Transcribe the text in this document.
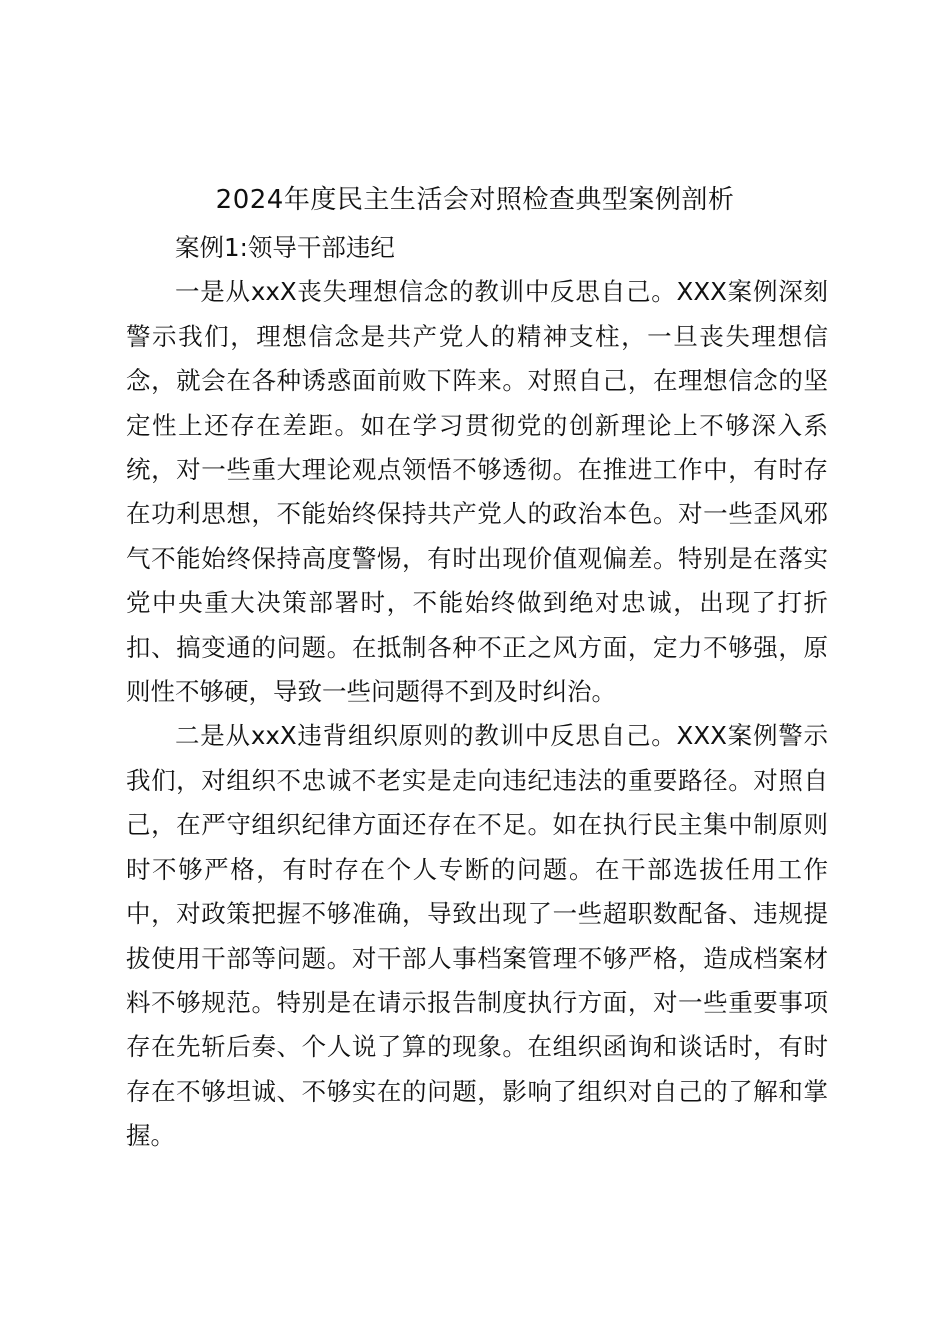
2024年度民主生活会对照检查典型案例剖析

案例1:领导干部违纪

一是从xxX丧失理想信念的教训中反思自己。XXX案例深刻警示我们，理想信念是共产党人的精神支柱，一旦丧失理想信念，就会在各种诱惑面前败下阵来。对照自己，在理想信念的坚定性上还存在差距。如在学习贯彻党的创新理论上不够深入系统，对一些重大理论观点领悟不够透彻。在推进工作中，有时存在功利思想，不能始终保持共产党人的政治本色。对一些歪风邪气不能始终保持高度警惕，有时出现价值观偏差。特别是在落实党中央重大决策部署时，不能始终做到绝对忠诚，出现了打折扣、搞变通的问题。在抵制各种不正之风方面，定力不够强，原则性不够硬，导致一些问题得不到及时纠治。

二是从xxX违背组织原则的教训中反思自己。XXX案例警示我们，对组织不忠诚不老实是走向违纪违法的重要路径。对照自己，在严守组织纪律方面还存在不足。如在执行民主集中制原则时不够严格，有时存在个人专断的问题。在干部选拔任用工作中，对政策把握不够准确，导致出现了一些超职数配备、违规提拔使用干部等问题。对干部人事档案管理不够严格，造成档案材料不够规范。特别是在请示报告制度执行方面，对一些重要事项存在先斩后奏、个人说了算的现象。在组织函询和谈话时，有时存在不够坦诚、不够实在的问题，影响了组织对自己的了解和掌握。
